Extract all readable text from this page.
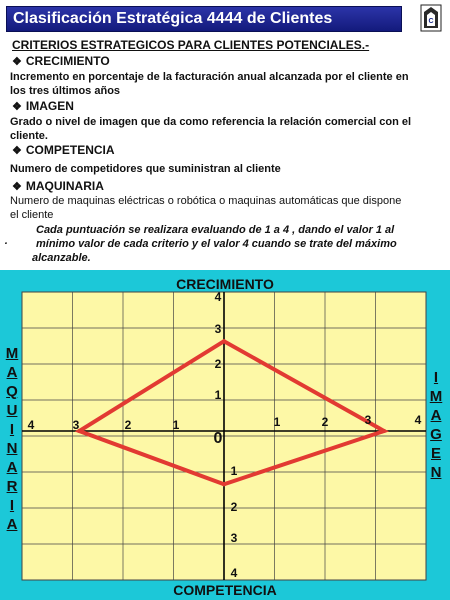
Clasificación Estratégica 4444 de Clientes	C
CRITERIOS ESTRATEGICOS PARA CLIENTES POTENCIALES.-
❖ CRECIMIENTO
Incremento en porcentaje de la facturación anual alcanzada por el cliente en
los tres últimos años
❖ IMAGEN
Grado o nivel de imagen que da como referencia la relación comercial con el
cliente.
❖ COMPETENCIA
Numero de competidores que suministran al cliente
❖ MAQUINARIA
Numero de maquinas eléctricas o robótica o maquinas automáticas que dispone
el cliente
Cada puntuación se realizara evaluando de 1 a 4 , dando el valor 1 al
·	mínimo valor de cada criterio y el valor 4 cuando se trate del máximo
alcanzable.
CRECIMIENTO
COMPETENCIA
M
A
Q
U
I
N
A
R
I
A
I
M
A
G
E
N
0
1
2
3
4
1
2
3
4
1
2
3
4	1	2	3	4
